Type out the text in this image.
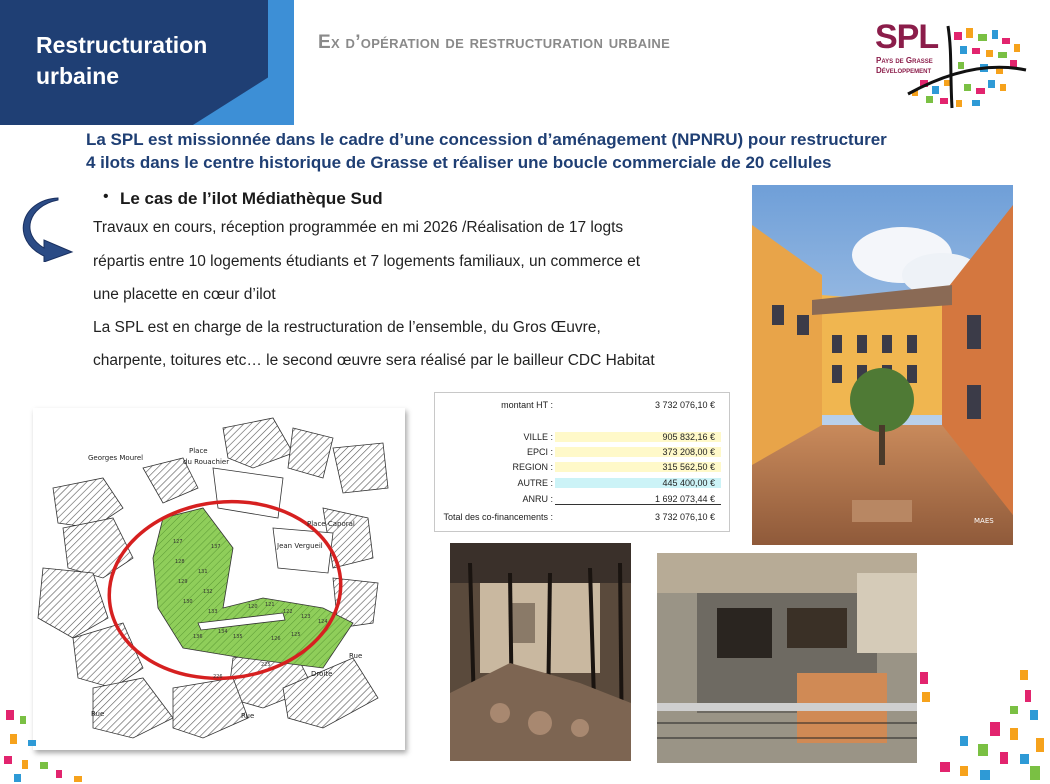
Restructuration urbaine
Ex d’opération de restructuration urbaine	SPL
Pays de Grasse
Développement
La SPL est missionnée dans le cadre d’une concession d’aménagement (NPNRU) pour restructurer
4 ilots dans le centre historique de Grasse et réaliser une boucle commerciale de 20 cellules
• Le cas de l’ilot Médiathèque Sud
Travaux en cours, réception programmée en mi 2026 /Réalisation de 17 logts
répartis entre 10 logements étudiants et 7 logements familiaux, un commerce et
une placette en cœur d’ilot
La SPL est en charge de la restructuration de l’ensemble, du Gros Œuvre,
charpente, toitures etc… le second œuvre sera réalisé par le bailleur CDC Habitat
montant HT :	3 732 076,10 €
VILLE :	905 832,16 €
EPCI :	373 208,00 €
REGION :	315 562,50 €
AUTRE :	445 400,00 €
ANRU :	1 692 073,44 €
Total des co-financements :	3 732 076,10 €
Georges Mourel
Place
du Rouachier
Place Caporal
Jean Vergueil
Rue
Rue
Rue
Droite
127
128
129
130
131
132
133
134
135
136
137
120 121
122
123
124
125
126
225
226
MAES
